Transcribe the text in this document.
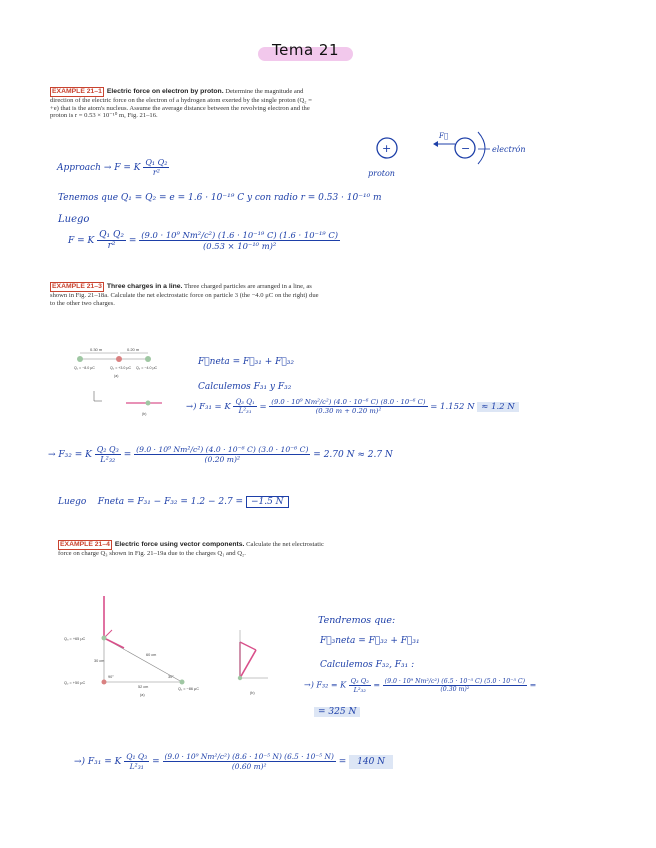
Tema 21
EXAMPLE 21–1 Electric force on electron by proton. Determine the magnitude and direction of the electric force on the electron of a hydrogen atom exerted by the single proton (Q₂ = +e) that is the atom's nucleus. Assume the average distance between the revolving electron and the proton is r = 0.53 × 10⁻¹⁰ m, Fig. 21–16.
+	−
F⃗
proton
electrón
Approach → F = K $\frac{\text{Q₁ Q₂}}{\text{r²}}$
Tenemos que Q₁ = Q₂ = e = 1.6 · 10⁻¹⁹ C y con radio r = 0.53 · 10⁻¹⁰ m
Luego
F = K $\frac{\text{Q₁ Q₂}}{\text{r²}} = \frac{\text{(9.0 · 10⁹ Nm²/c²) (1.6 · 10⁻¹⁹ C) (1.6 · 10⁻¹⁹ C)}}{\text{(0.53 × 10⁻¹⁰ m)²}}$
EXAMPLE 21–3 Three charges in a line. Three charged particles are arranged in a line, as shown in Fig. 21–18a. Calculate the net electrostatic force on particle 3 (the −4.0 μC on the right) due to the other two charges.
0.30 m	0.20 m
Q₁ = −8.0 μC	Q₂ = +3.0 μC Q₃ = −4.0 μC
(a)
(b)
F⃗neta = F⃗₃₁ + F⃗₃₂
Calculemos F₃₁ y F₃₂
→) F₃₁ = K $\frac{\text{Q₃ Q₁}}{\text{L²₃₁}} = \frac{\text{(9.0 · 10⁹ Nm²/c²) (4.0 · 10⁻⁶ C) (8.0 · 10⁻⁶ C)}}{\text{(0.30 m + 0.20 m)²}} = 1.152$ N ≈ 1.2 N
→ F₃₂ = K $\frac{\text{Q₂ Q₃}}{\text{L²₃₂}} = \frac{\text{(9.0 · 10⁹ Nm²/c²) (4.0 · 10⁻⁶ C) (3.0 · 10⁻⁶ C)}}{\text{(0.20 m)²}} = 2.70$ N ≈ 2.7 N
Luego Fneta = F₃₁ − F₃₂ = 1.2 − 2.7 = −1.5 N
EXAMPLE 21–4 Electric force using vector components. Calculate the net electrostatic force on charge Q₃ shown in Fig. 21–19a due to the charges Q₁ and Q₂.
Q₃ = +65 μC
Q₂ = +50 μC
Q₁ = −86 μC
60 cm
30 cm
52 cm
90°	30°
(a)	(b)
Tendremos que:
F⃗₃neta = F⃗₃₂ + F⃗₃₁
Calculemos F₃₂, F₃₁ :
→) F₃₂ = K $\frac{\text{Q₃ Q₂}}{\text{L²₃₂}} = \frac{\text{(9.0 · 10⁹ Nm²/c²) (6.5 · 10⁻⁵ C) (5.0 · 10⁻⁵ C)}}{\text{(0.30 m)²}}$ =
= 325 N
→) F₃₁ = K $\frac{\text{Q₁ Q₃}}{\text{L²₃₁}} = \frac{\text{(9.0 · 10⁹ Nm²/c²) (8.6 · 10⁻⁵ N) (6.5 · 10⁻⁵ N)}}{\text{(0.60 m)²}} = 140$ N
